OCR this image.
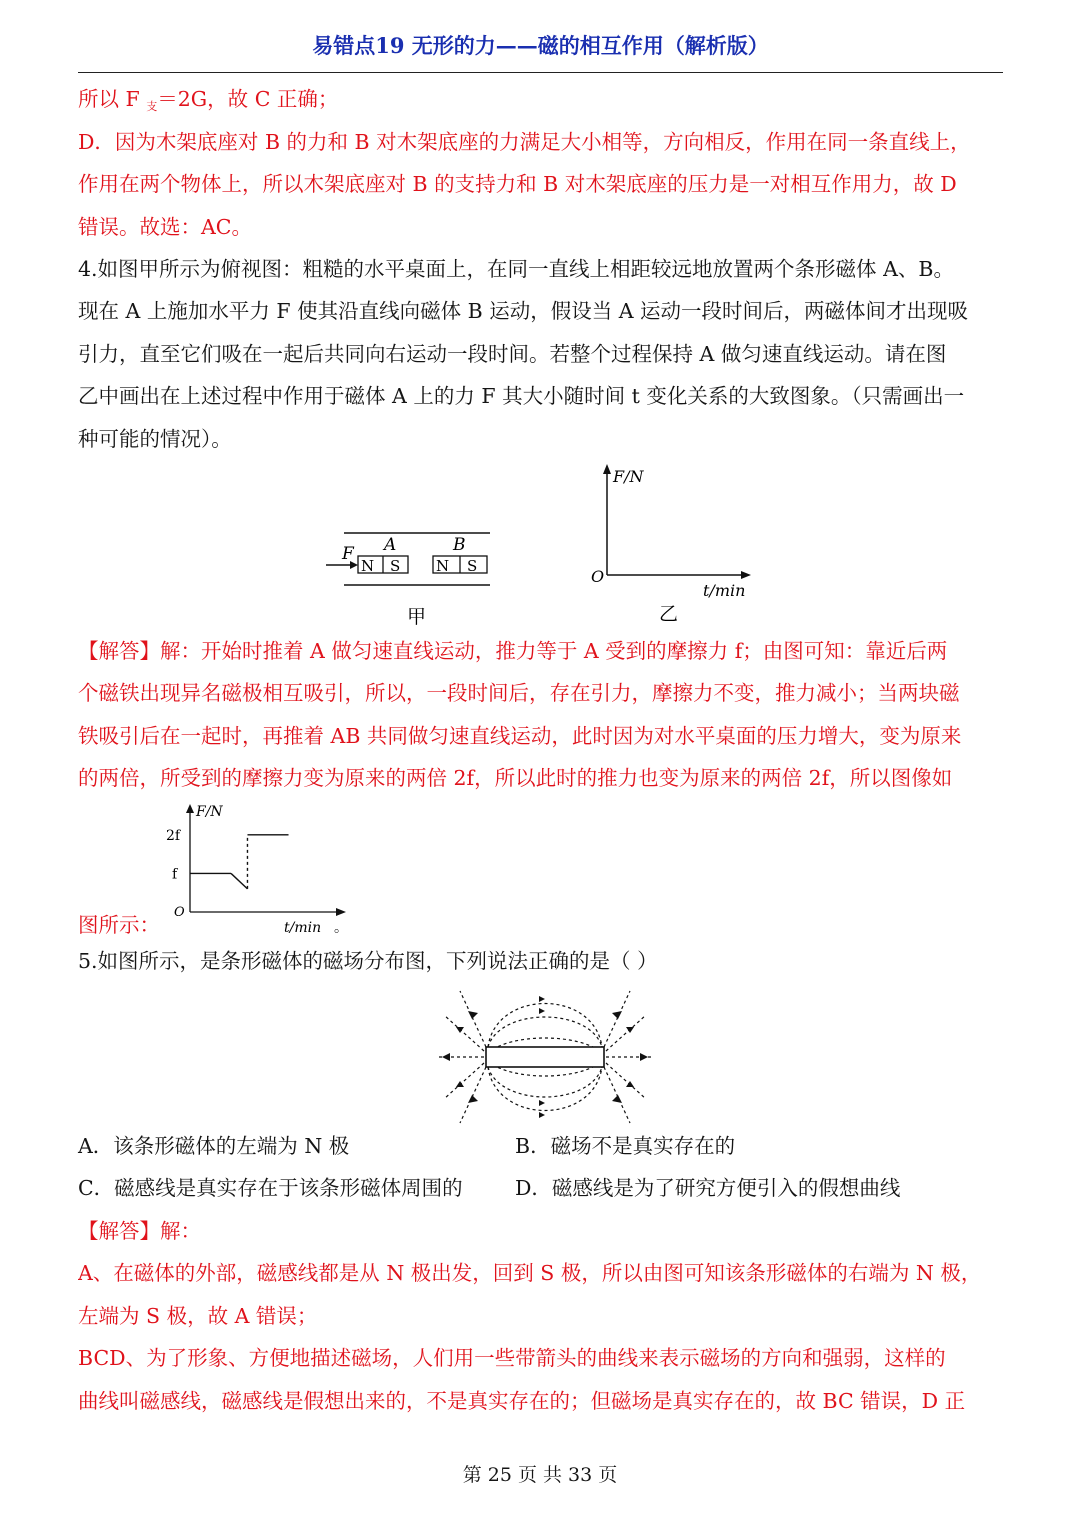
易错点19 无形的力——磁的相互作用（解析版）
所以 F $_支$＝2G，故 C 正确；
D．因为木架底座对 B 的力和 B 对木架底座的力满足大小相等，方向相反，作用在同一条直线上，
作用在两个物体上，所以木架底座对 B 的支持力和 B 对木架底座的压力是一对相互作用力，故 D
错误。故选：AC。
4.如图甲所示为俯视图：粗糙的水平桌面上，在同一直线上相距较远地放置两个条形磁体 A、B。
现在 A 上施加水平力 F 使其沿直线向磁体 B 运动，假设当 A 运动一段时间后，两磁体间才出现吸
引力，直至它们吸在一起后共同向右运动一段时间。若整个过程保持 A 做匀速直线运动。请在图
乙中画出在上述过程中作用于磁体 A 上的力 F 其大小随时间 t 变化关系的大致图象。（只需画出一
种可能的情况）。
F
N S
A
N S
B
甲
F/N
O
t/min
乙
【解答】解：开始时推着 A 做匀速直线运动，推力等于 A 受到的摩擦力 f；由图可知：靠近后两
个磁铁出现异名磁极相互吸引，所以，一段时间后，存在引力，摩擦力不变，推力减小；当两块磁
铁吸引后在一起时，再推着 AB 共同做匀速直线运动，此时因为对水平桌面的压力增大，变为原来
的两倍，所受到的摩擦力变为原来的两倍 2f，所以此时的推力也变为原来的两倍 2f，所以图像如
图所示：
F/N
O
t/min 。
f
2f
5.如图所示，是条形磁体的磁场分布图，下列说法正确的是（ ）
A．该条形磁体的左端为 N 极	B．磁场不是真实存在的
C．磁感线是真实存在于该条形磁体周围的	D．磁感线是为了研究方便引入的假想曲线
【解答】解：
A、在磁体的外部，磁感线都是从 N 极出发，回到 S 极，所以由图可知该条形磁体的右端为 N 极，
左端为 S 极，故 A 错误；
BCD、为了形象、方便地描述磁场，人们用一些带箭头的曲线来表示磁场的方向和强弱，这样的
曲线叫磁感线，磁感线是假想出来的，不是真实存在的；但磁场是真实存在的，故 BC 错误，D 正
第 25 页 共 33 页
